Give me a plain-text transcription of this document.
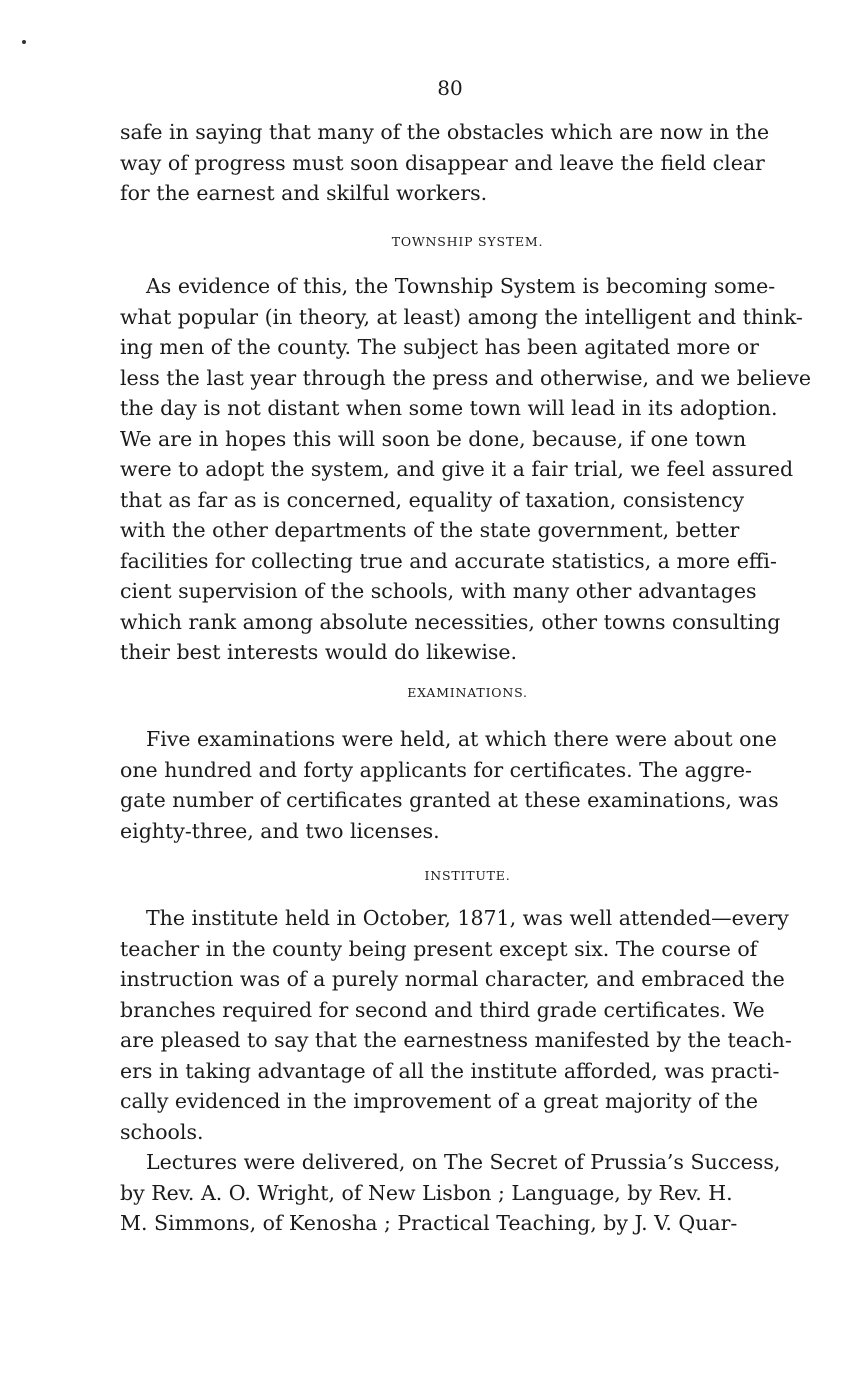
80
safe in saying that many of the obstacles which are now in the
way of progress must soon disappear and leave the field clear
for the earnest and skilful workers.
TOWNSHIP SYSTEM.
As evidence of this, the Township System is becoming some-
what popular (in theory, at least) among the intelligent and think-
ing men of the county. The subject has been agitated more or
less the last year through the press and otherwise, and we believe
the day is not distant when some town will lead in its adoption.
We are in hopes this will soon be done, because, if one town
were to adopt the system, and give it a fair trial, we feel assured
that as far as is concerned, equality of taxation, consistency
with the other departments of the state government, better
facilities for collecting true and accurate statistics, a more effi-
cient supervision of the schools, with many other advantages
which rank among absolute necessities, other towns consulting
their best interests would do likewise.
EXAMINATIONS.
Five examinations were held, at which there were about one
one hundred and forty applicants for certificates. The aggre-
gate number of certificates granted at these examinations, was
eighty-three, and two licenses.
INSTITUTE.
The institute held in October, 1871, was well attended—every
teacher in the county being present except six. The course of
instruction was of a purely normal character, and embraced the
branches required for second and third grade certificates. We
are pleased to say that the earnestness manifested by the teach-
ers in taking advantage of all the institute afforded, was practi-
cally evidenced in the improvement of a great majority of the
schools.
Lectures were delivered, on The Secret of Prussia’s Success,
by Rev. A. O. Wright, of New Lisbon ; Language, by Rev. H.
M. Simmons, of Kenosha ; Practical Teaching, by J. V. Quar-
